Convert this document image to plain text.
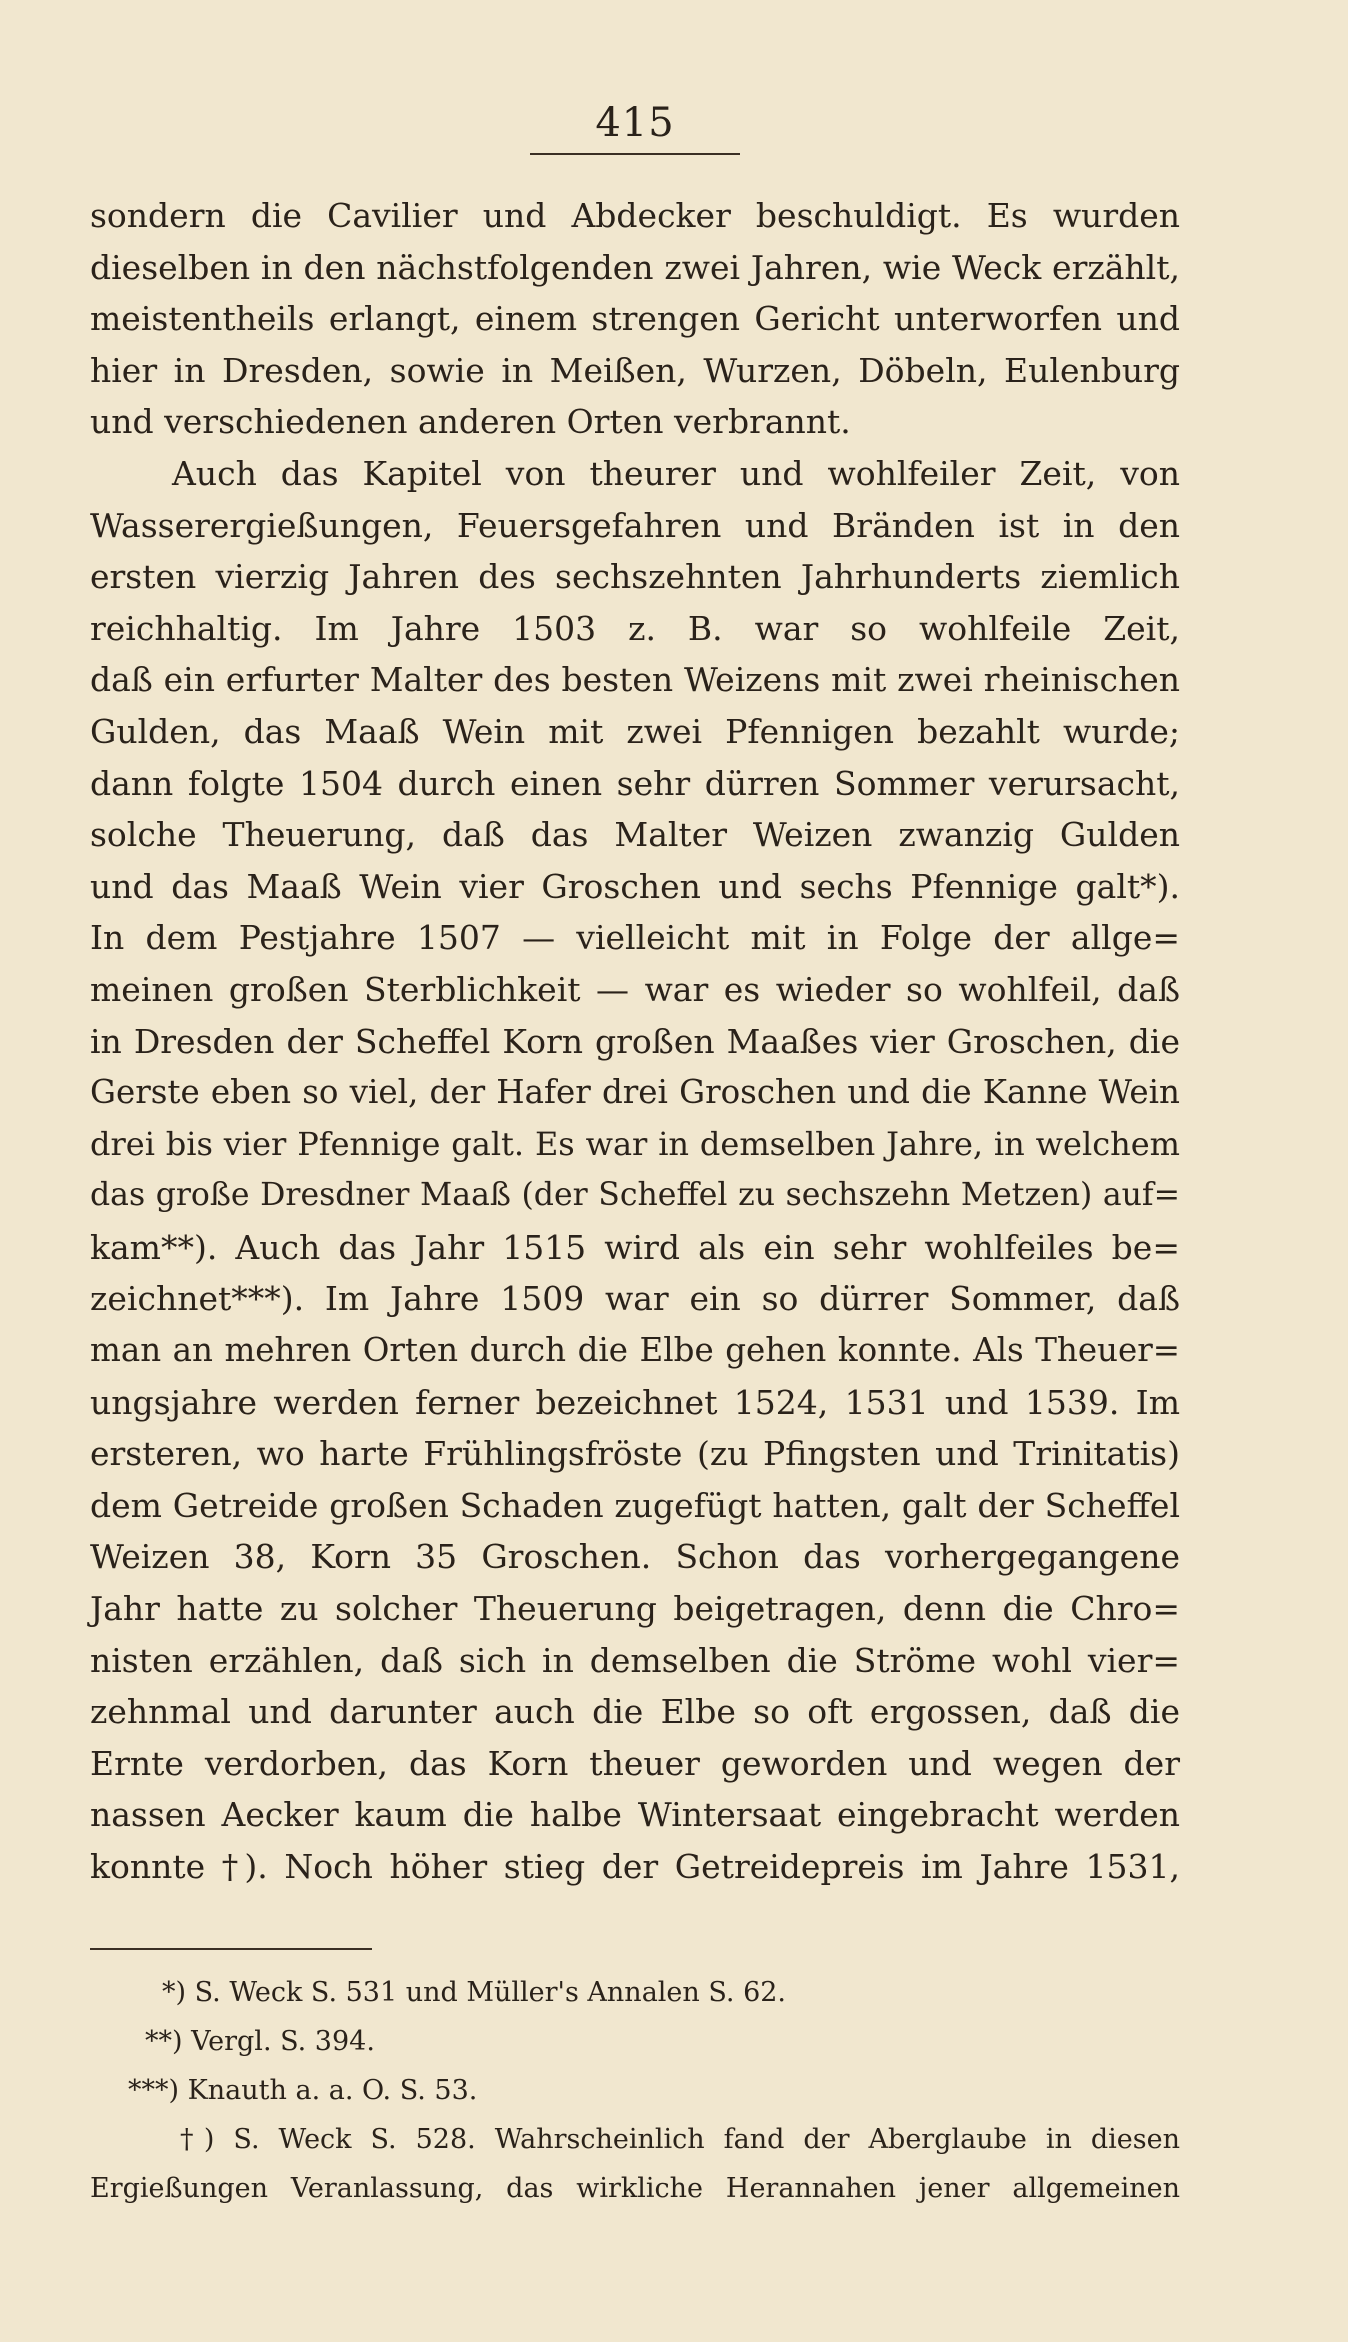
415
sondern die Cavilier und Abdecker beschuldigt. Es wurden
dieselben in den nächstfolgenden zwei Jahren, wie Weck erzählt,
meistentheils erlangt, einem strengen Gericht unterworfen und
hier in Dresden, sowie in Meißen, Wurzen, Döbeln, Eulenburg
und verschiedenen anderen Orten verbrannt.
Auch das Kapitel von theurer und wohlfeiler Zeit, von
Wasserergießungen, Feuersgefahren und Bränden ist in den
ersten vierzig Jahren des sechszehnten Jahrhunderts ziemlich
reichhaltig. Im Jahre 1503 z. B. war so wohlfeile Zeit,
daß ein erfurter Malter des besten Weizens mit zwei rheinischen
Gulden, das Maaß Wein mit zwei Pfennigen bezahlt wurde;
dann folgte 1504 durch einen sehr dürren Sommer verursacht,
solche Theuerung, daß das Malter Weizen zwanzig Gulden
und das Maaß Wein vier Groschen und sechs Pfennige galt*).
In dem Pestjahre 1507 — vielleicht mit in Folge der allge=
meinen großen Sterblichkeit — war es wieder so wohlfeil, daß
in Dresden der Scheffel Korn großen Maaßes vier Groschen, die
Gerste eben so viel, der Hafer drei Groschen und die Kanne Wein
drei bis vier Pfennige galt. Es war in demselben Jahre, in welchem
das große Dresdner Maaß (der Scheffel zu sechszehn Metzen) auf=
kam**). Auch das Jahr 1515 wird als ein sehr wohlfeiles be=
zeichnet***). Im Jahre 1509 war ein so dürrer Sommer, daß
man an mehren Orten durch die Elbe gehen konnte. Als Theuer=
ungsjahre werden ferner bezeichnet 1524, 1531 und 1539. Im
ersteren, wo harte Frühlingsfröste (zu Pfingsten und Trinitatis)
dem Getreide großen Schaden zugefügt hatten, galt der Scheffel
Weizen 38, Korn 35 Groschen. Schon das vorhergegangene
Jahr hatte zu solcher Theuerung beigetragen, denn die Chro=
nisten erzählen, daß sich in demselben die Ströme wohl vier=
zehnmal und darunter auch die Elbe so oft ergossen, daß die
Ernte verdorben, das Korn theuer geworden und wegen der
nassen Aecker kaum die halbe Wintersaat eingebracht werden
konnte †). Noch höher stieg der Getreidepreis im Jahre 1531,
*) S. Weck S. 531 und Müller's Annalen S. 62.
**) Vergl. S. 394.
***) Knauth a. a. O. S. 53.
†) S. Weck S. 528. Wahrscheinlich fand der Aberglaube in diesen
Ergießungen Veranlassung, das wirkliche Herannahen jener allgemeinen
